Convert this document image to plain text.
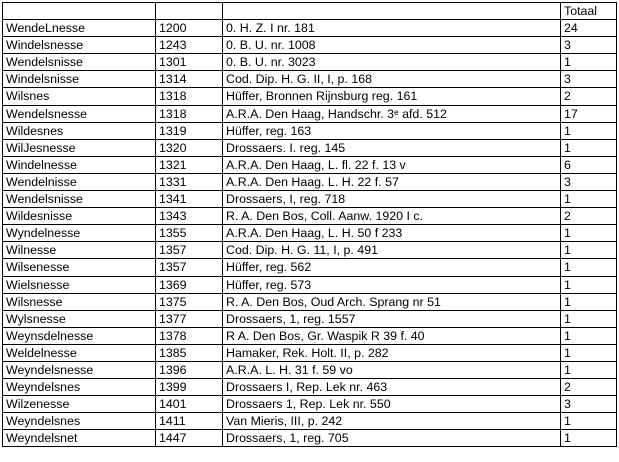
			Totaal
WendeLnesse	1200	0. H. Z. I nr. 181	24
Windelsnesse	1243	0. B. U. nr. 1008	3
Wendelsnisse	1301	0. B. U. nr. 3023	1
Windelsnisse	1314	Cod. Dip. H. G. II, I, p. 168	3
Wilsnes	1318	Hüffer, Bronnen Rijnsburg reg. 161	2
Wendelsnesse	1318	A.R.A. Den Haag, Handschr. 3ᵉ afd. 512	17
Wildesnes	1319	Hüffer, reg. 163	1
WilJesnesse	1320	Drossaers. I. reg. 145	1
Windelnesse	1321	A.R.A. Den Haag, L. fl. 22 f. 13 v	6
Wendelnisse	1331	A.R.A. Den Haag. L. H. 22 f. 57	3
Wendelsnisse	1341	Drossaers, I, reg. 718	1
Wildesnisse	1343	R. A. Den Bos, Coll. Aanw. 1920 I c.	2
Wyndelnesse	1355	A.R.A. Den Haag, L. H. 50 f 233	1
Wilnesse	1357	Cod. Dip. H. G. 11, I, p. 491	1
Wilsenesse	1357	Hüffer, reg. 562	1
Wielsnesse	1369	Hüffer, reg. 573	1
Wilsnesse	1375	R. A. Den Bos, Oud Arch. Sprang nr 51	1
Wylsnesse	1377	Drossaers, 1, reg. 1557	1
Weynsdelnesse	1378	R A. Den Bos, Gr. Waspik R 39 f. 40	1
Weldelnesse	1385	Hamaker, Rek. Holt. II, p. 282	1
Weyndelsnesse	1396	A.R.A. L. H. 31 f. 59 vo	1
Weyndelsnes	1399	Drossaers I, Rep. Lek nr. 463	2
Wilzenesse	1401	Drossaers 1, Rep. Lek nr. 550	3
Weyndelsnes	1411	Van Mieris, III, p. 242	1
Weyndelsnet	1447	Drossaers, 1, reg. 705	1
